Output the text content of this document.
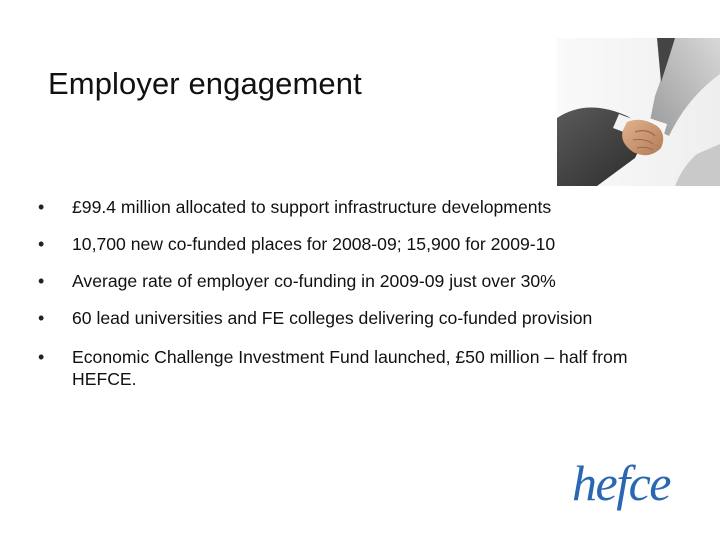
Employer engagement
• £99.4 million allocated to support infrastructure developments
• 10,700 new co-funded places for 2008-09; 15,900 for 2009-10
• Average rate of employer co-funding in 2009-09 just over 30%
• 60 lead universities and FE colleges delivering co-funded provision
• Economic Challenge Investment Fund launched, £50 million – half from HEFCE.
hefce
